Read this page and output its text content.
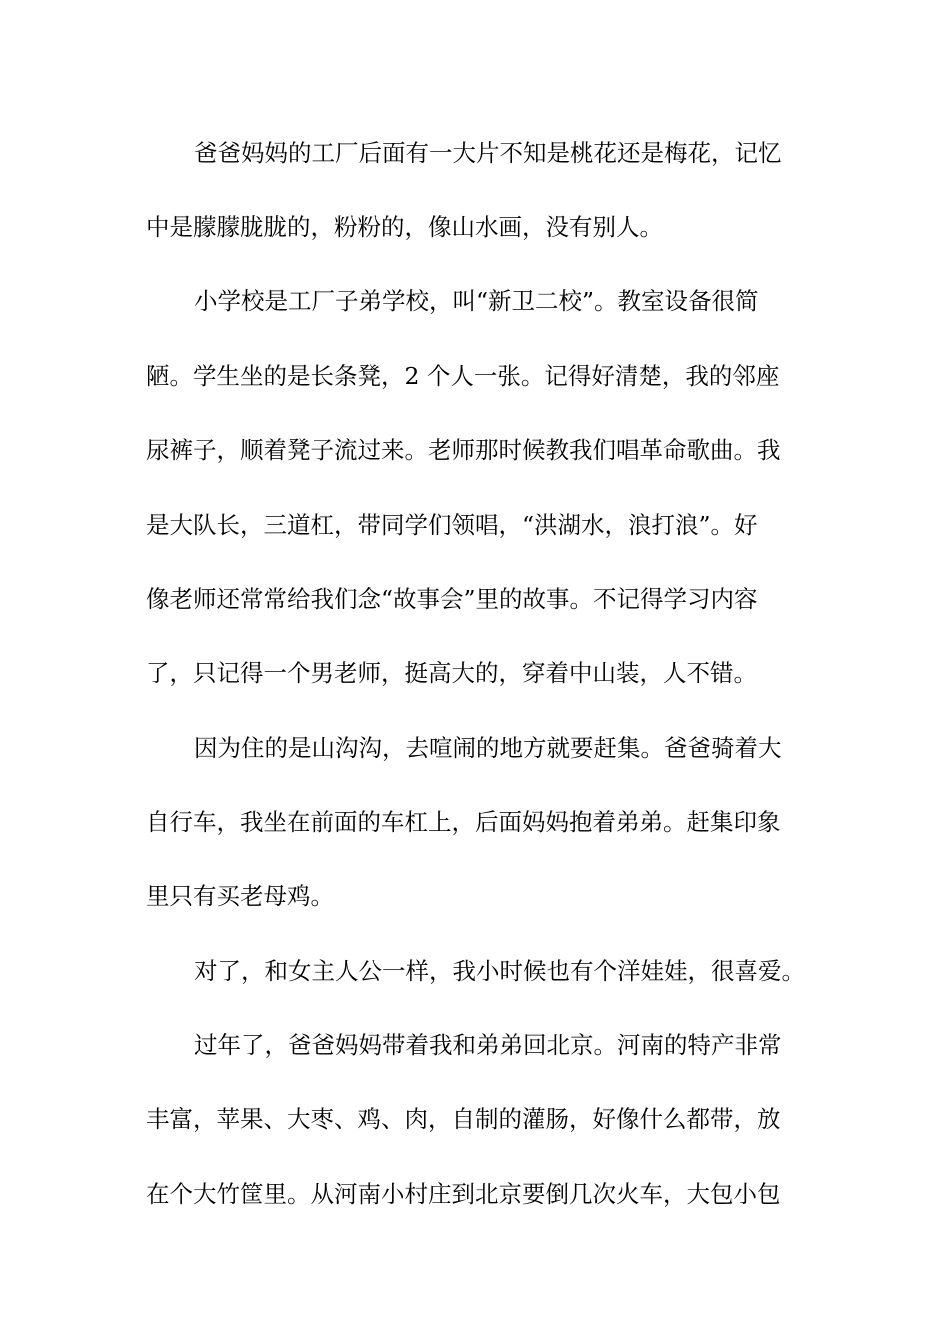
爸爸妈妈的工厂后面有一大片不知是桃花还是梅花，记忆

中是朦朦胧胧的，粉粉的，像山水画，没有别人。

小学校是工厂子弟学校，叫“新卫二校”。教室设备很简

陋。学生坐的是长条凳，2 个人一张。记得好清楚，我的邻座

尿裤子，顺着凳子流过来。老师那时候教我们唱革命歌曲。我

是大队长，三道杠，带同学们领唱，“洪湖水，浪打浪”。好

像老师还常常给我们念“故事会”里的故事。不记得学习内容

了，只记得一个男老师，挺高大的，穿着中山装，人不错。

因为住的是山沟沟，去喧闹的地方就要赶集。爸爸骑着大

自行车，我坐在前面的车杠上，后面妈妈抱着弟弟。赶集印象

里只有买老母鸡。

对了，和女主人公一样，我小时候也有个洋娃娃，很喜爱。

过年了，爸爸妈妈带着我和弟弟回北京。河南的特产非常

丰富，苹果、大枣、鸡、肉，自制的灌肠，好像什么都带，放

在个大竹筐里。从河南小村庄到北京要倒几次火车，大包小包
